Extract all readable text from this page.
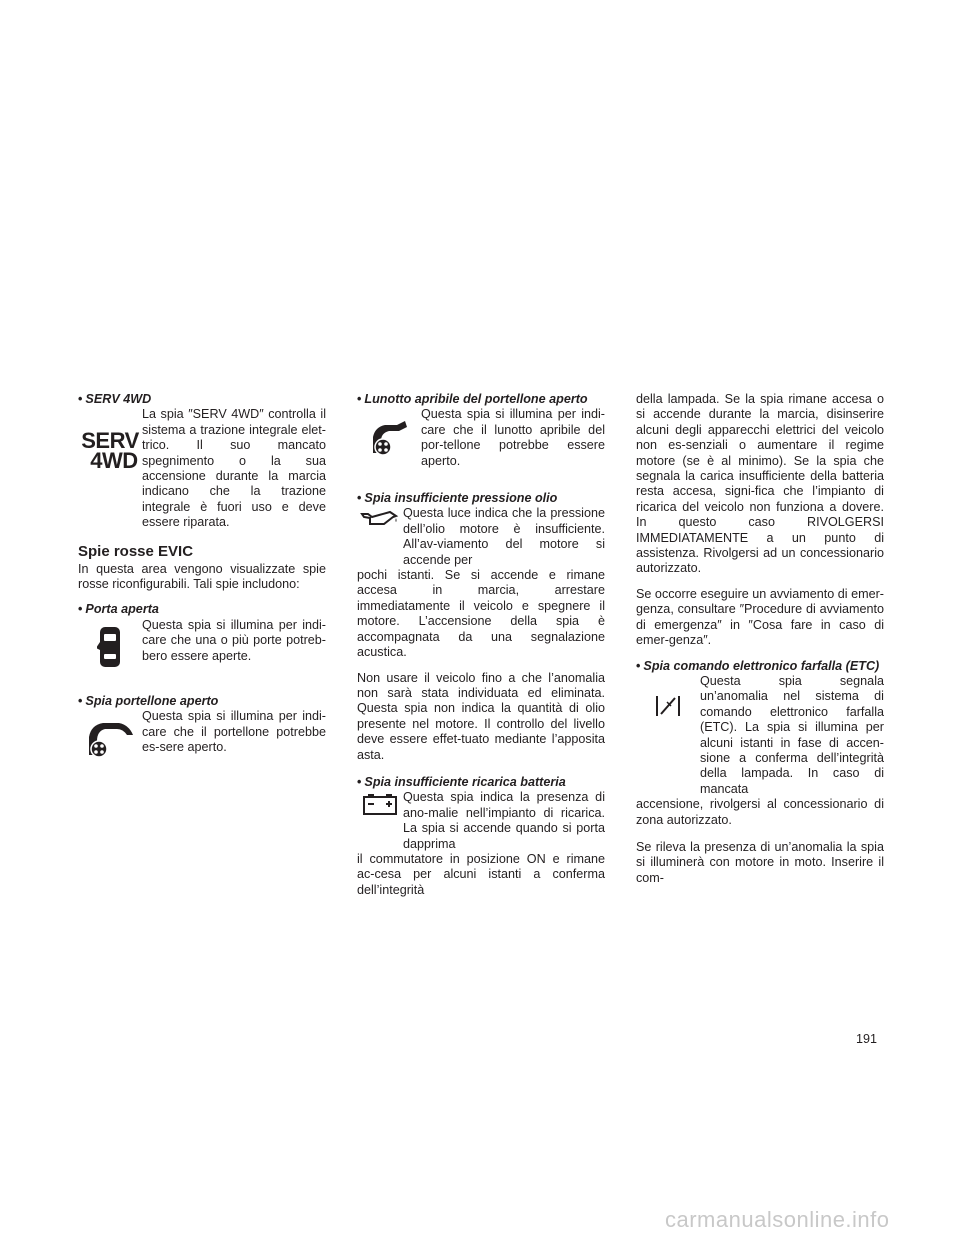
• SERV 4WD
SERV
4WD
La spia ″SERV 4WD″ controlla il sistema a trazione integrale elet-trico. Il suo mancato spegnimento o la sua accensione durante la marcia indicano che la trazione integrale è fuori uso e deve essere riparata.
Spie rosse EVIC

In questa area vengono visualizzate spie rosse riconfigurabili. Tali spie includono:

• Porta aperta
Questa spia si illumina per indi-care che una o più porte potreb-bero essere aperte.
• Spia portellone aperto
Questa spia si illumina per indi-care che il portellone potrebbe es-sere aperto.
• Lunotto apribile del portellone aperto
Questa spia si illumina per indi-care che il lunotto apribile del por-tellone potrebbe essere aperto.
• Spia insufficiente pressione olio
Questa luce indica che la pressione dell’olio motore è insufficiente. All’av-viamento del motore si accende per

pochi istanti. Se si accende e rimane accesa in marcia, arrestare immediatamente il veicolo e spegnere il motore. L’accensione della spia è accompagnata da una segnalazione acustica.

Non usare il veicolo fino a che l’anomalia non sarà stata individuata ed eliminata. Questa spia non indica la quantità di olio presente nel motore. Il controllo del livello deve essere effet-tuato mediante l’apposita asta.

• Spia insufficiente ricarica batteria
Questa spia indica la presenza di ano-malie nell’impianto di ricarica. La spia si accende quando si porta dapprima

il commutatore in posizione ON e rimane ac-cesa per alcuni istanti a conferma dell’integrità

della lampada. Se la spia rimane accesa o si accende durante la marcia, disinserire alcuni degli apparecchi elettrici del veicolo non es-senziali o aumentare il regime motore (se è al minimo). Se la spia che segnala la carica insufficiente della batteria resta accesa, signi-fica che l’impianto di ricarica del veicolo non funziona a dovere. In questo caso RIVOLGERSI IMMEDIATAMENTE a un punto di assistenza. Rivolgersi ad un concessionario autorizzato.

Se occorre eseguire un avviamento di emer-genza, consultare ″Procedure di avviamento di emergenza″ in ″Cosa fare in caso di emer-genza″.

• Spia comando elettronico farfalla (ETC)
Questa spia segnala un’anomalia nel sistema di comando elettronico farfalla (ETC). La spia si illumina per alcuni istanti in fase di accen-sione a conferma dell’integrità della lampada. In caso di mancata

accensione, rivolgersi al concessionario di zona autorizzato.

Se rileva la presenza di un’anomalia la spia si illuminerà con motore in moto. Inserire il com-

191
carmanualsonline.info
